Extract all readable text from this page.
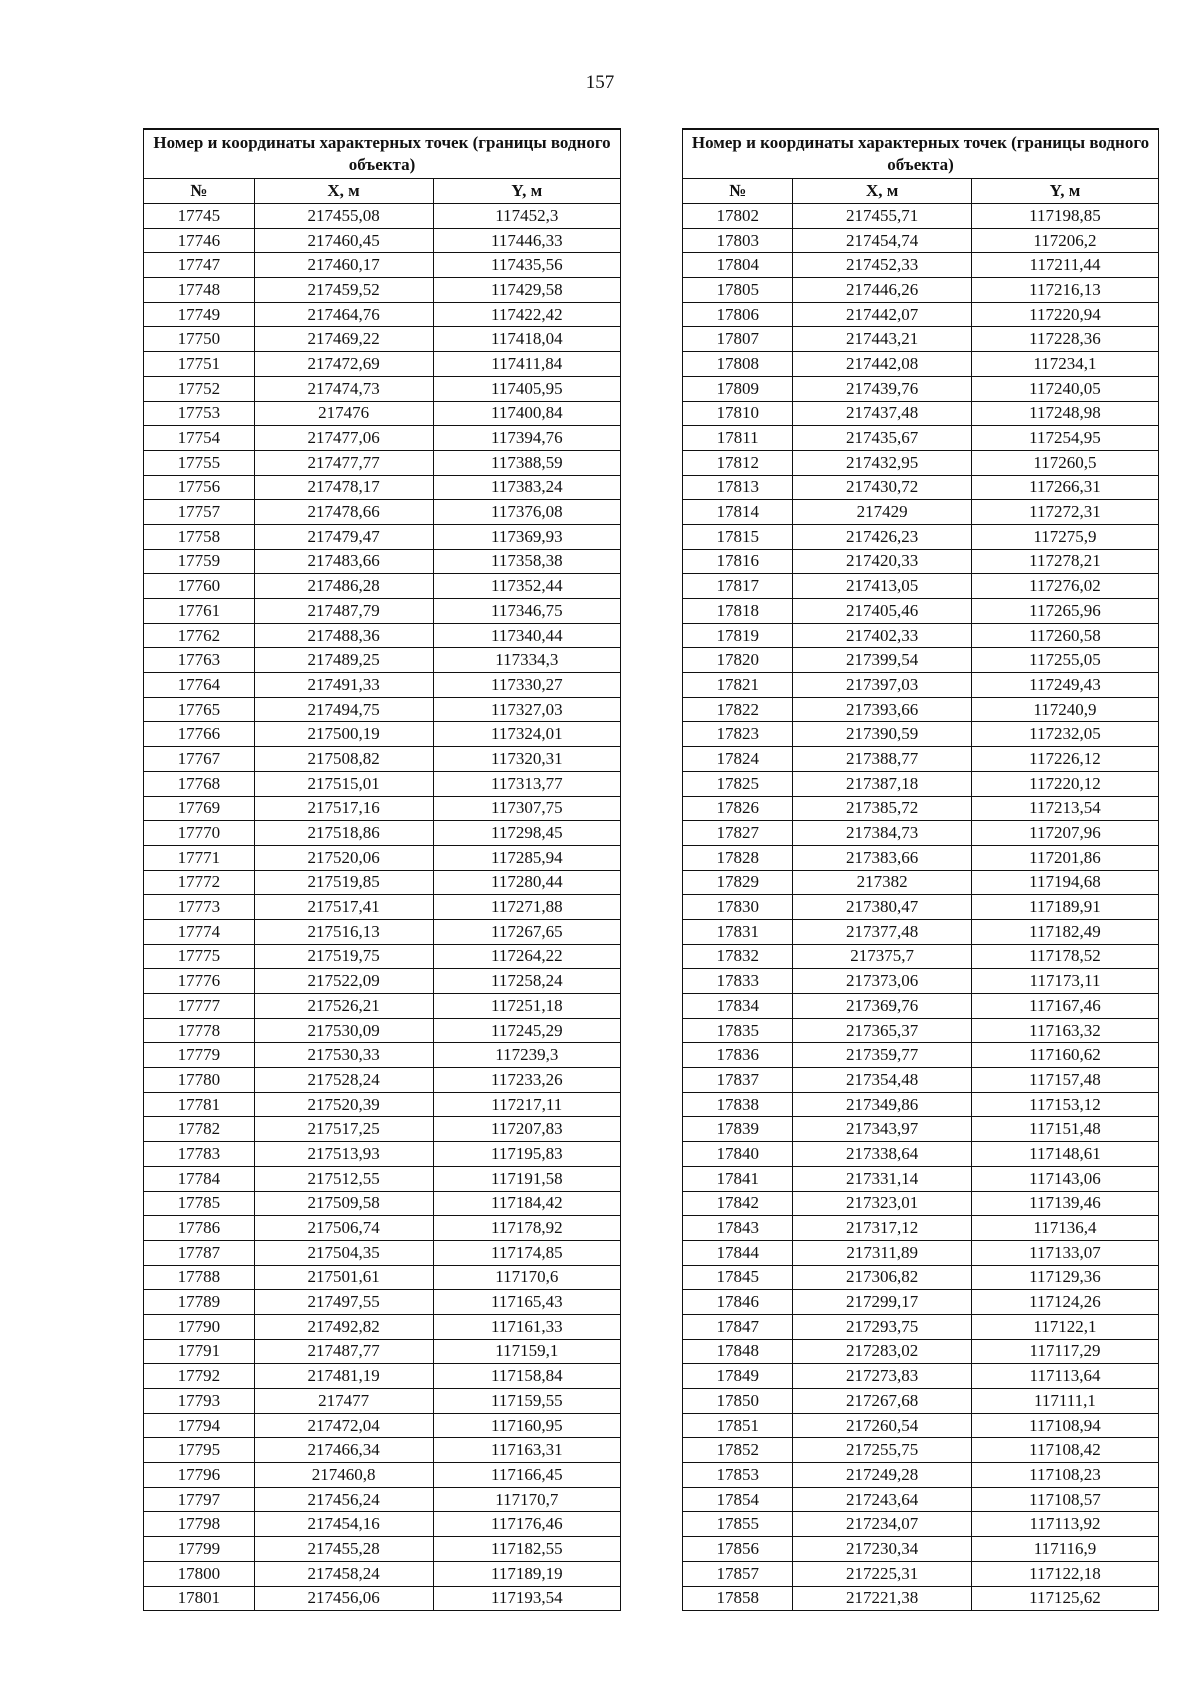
157
Номер и координаты характерных точек (границы водного объекта)		
№	X, м	Y, м
17745	217455,08	117452,3
17746	217460,45	117446,33
17747	217460,17	117435,56
17748	217459,52	117429,58
17749	217464,76	117422,42
17750	217469,22	117418,04
17751	217472,69	117411,84
17752	217474,73	117405,95
17753	217476	117400,84
17754	217477,06	117394,76
17755	217477,77	117388,59
17756	217478,17	117383,24
17757	217478,66	117376,08
17758	217479,47	117369,93
17759	217483,66	117358,38
17760	217486,28	117352,44
17761	217487,79	117346,75
17762	217488,36	117340,44
17763	217489,25	117334,3
17764	217491,33	117330,27
17765	217494,75	117327,03
17766	217500,19	117324,01
17767	217508,82	117320,31
17768	217515,01	117313,77
17769	217517,16	117307,75
17770	217518,86	117298,45
17771	217520,06	117285,94
17772	217519,85	117280,44
17773	217517,41	117271,88
17774	217516,13	117267,65
17775	217519,75	117264,22
17776	217522,09	117258,24
17777	217526,21	117251,18
17778	217530,09	117245,29
17779	217530,33	117239,3
17780	217528,24	117233,26
17781	217520,39	117217,11
17782	217517,25	117207,83
17783	217513,93	117195,83
17784	217512,55	117191,58
17785	217509,58	117184,42
17786	217506,74	117178,92
17787	217504,35	117174,85
17788	217501,61	117170,6
17789	217497,55	117165,43
17790	217492,82	117161,33
17791	217487,77	117159,1
17792	217481,19	117158,84
17793	217477	117159,55
17794	217472,04	117160,95
17795	217466,34	117163,31
17796	217460,8	117166,45
17797	217456,24	117170,7
17798	217454,16	117176,46
17799	217455,28	117182,55
17800	217458,24	117189,19
17801	217456,06	117193,54
Номер и координаты характерных точек (границы водного объекта)		
№	X, м	Y, м
17802	217455,71	117198,85
17803	217454,74	117206,2
17804	217452,33	117211,44
17805	217446,26	117216,13
17806	217442,07	117220,94
17807	217443,21	117228,36
17808	217442,08	117234,1
17809	217439,76	117240,05
17810	217437,48	117248,98
17811	217435,67	117254,95
17812	217432,95	117260,5
17813	217430,72	117266,31
17814	217429	117272,31
17815	217426,23	117275,9
17816	217420,33	117278,21
17817	217413,05	117276,02
17818	217405,46	117265,96
17819	217402,33	117260,58
17820	217399,54	117255,05
17821	217397,03	117249,43
17822	217393,66	117240,9
17823	217390,59	117232,05
17824	217388,77	117226,12
17825	217387,18	117220,12
17826	217385,72	117213,54
17827	217384,73	117207,96
17828	217383,66	117201,86
17829	217382	117194,68
17830	217380,47	117189,91
17831	217377,48	117182,49
17832	217375,7	117178,52
17833	217373,06	117173,11
17834	217369,76	117167,46
17835	217365,37	117163,32
17836	217359,77	117160,62
17837	217354,48	117157,48
17838	217349,86	117153,12
17839	217343,97	117151,48
17840	217338,64	117148,61
17841	217331,14	117143,06
17842	217323,01	117139,46
17843	217317,12	117136,4
17844	217311,89	117133,07
17845	217306,82	117129,36
17846	217299,17	117124,26
17847	217293,75	117122,1
17848	217283,02	117117,29
17849	217273,83	117113,64
17850	217267,68	117111,1
17851	217260,54	117108,94
17852	217255,75	117108,42
17853	217249,28	117108,23
17854	217243,64	117108,57
17855	217234,07	117113,92
17856	217230,34	117116,9
17857	217225,31	117122,18
17858	217221,38	117125,62
